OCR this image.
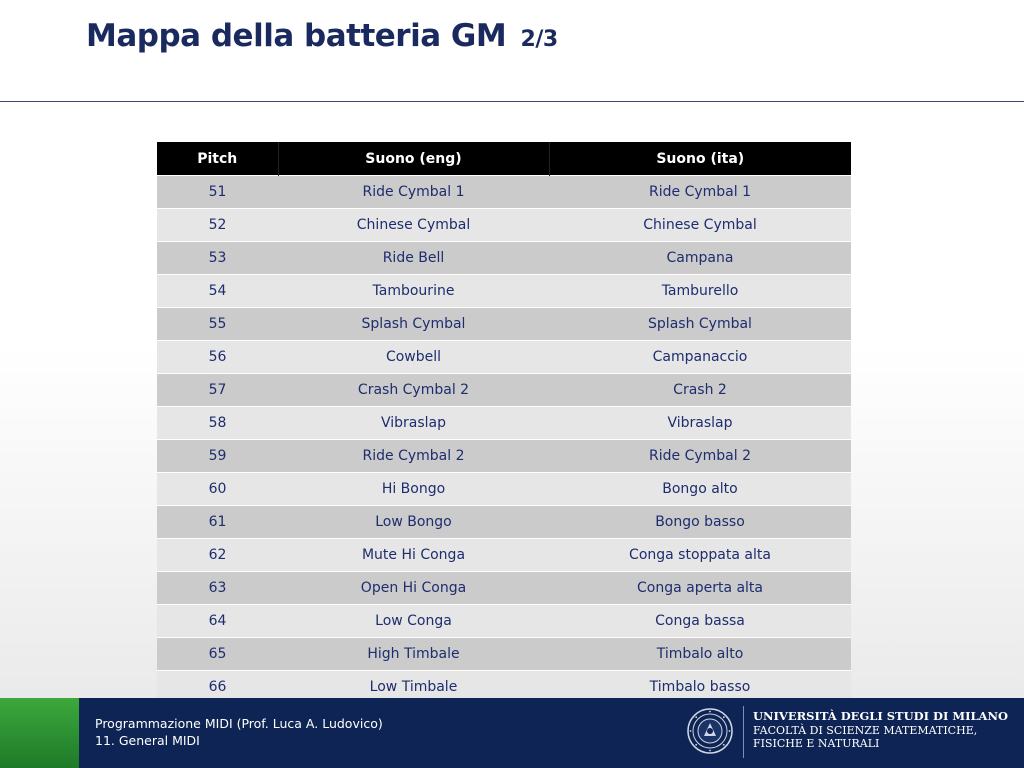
Mappa della batteria GM 2/3
Pitch	Suono (eng)	Suono (ita)
51	Ride Cymbal 1	Ride Cymbal 1
52	Chinese Cymbal	Chinese Cymbal
53	Ride Bell	Campana
54	Tambourine	Tamburello
55	Splash Cymbal	Splash Cymbal
56	Cowbell	Campanaccio
57	Crash Cymbal 2	Crash 2
58	Vibraslap	Vibraslap
59	Ride Cymbal 2	Ride Cymbal 2
60	Hi Bongo	Bongo alto
61	Low Bongo	Bongo basso
62	Mute Hi Conga	Conga stoppata alta
63	Open Hi Conga	Conga aperta alta
64	Low Conga	Conga bassa
65	High Timbale	Timbalo alto
66	Low Timbale	Timbalo basso
Programmazione MIDI (Prof. Luca A. Ludovico)
11. General MIDI
UNIVERSITÀ DEGLI STUDI DI MILANO
FACOLTÀ DI SCIENZE MATEMATICHE,
FISICHE E NATURALI
